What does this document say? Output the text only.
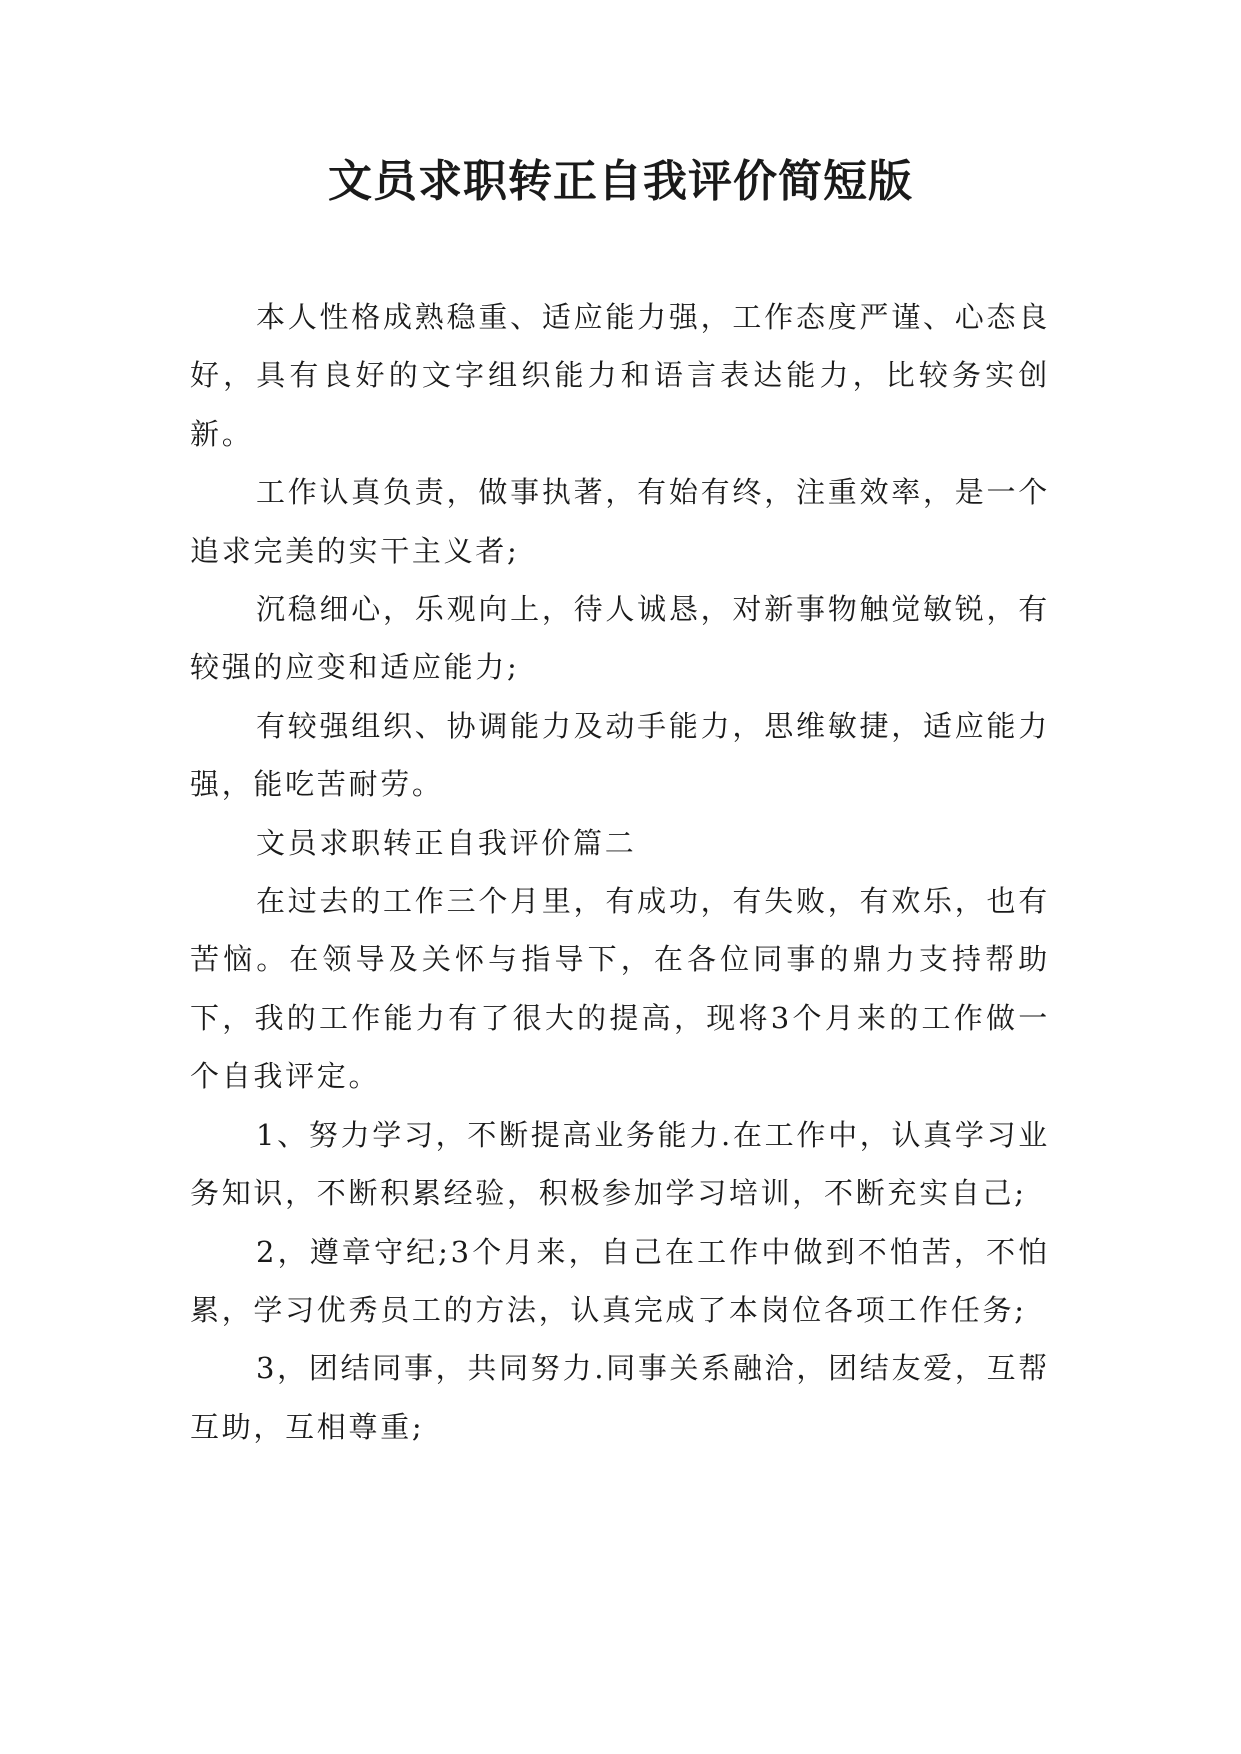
文员求职转正自我评价简短版

本人性格成熟稳重、适应能力强，工作态度严谨、心态良好，具有良好的文字组织能力和语言表达能力，比较务实创新。

工作认真负责，做事执著，有始有终，注重效率，是一个追求完美的实干主义者;

沉稳细心，乐观向上，待人诚恳，对新事物触觉敏锐，有较强的应变和适应能力;

有较强组织、协调能力及动手能力，思维敏捷，适应能力强，能吃苦耐劳。

文员求职转正自我评价篇二

在过去的工作三个月里，有成功，有失败，有欢乐，也有苦恼。在领导及关怀与指导下，在各位同事的鼎力支持帮助下，我的工作能力有了很大的提高，现将3个月来的工作做一个自我评定。

1、努力学习，不断提高业务能力.在工作中，认真学习业务知识，不断积累经验，积极参加学习培训，不断充实自己;

2，遵章守纪;3个月来，自己在工作中做到不怕苦，不怕累，学习优秀员工的方法，认真完成了本岗位各项工作任务;

3，团结同事，共同努力.同事关系融洽，团结友爱，互帮互助，互相尊重;
